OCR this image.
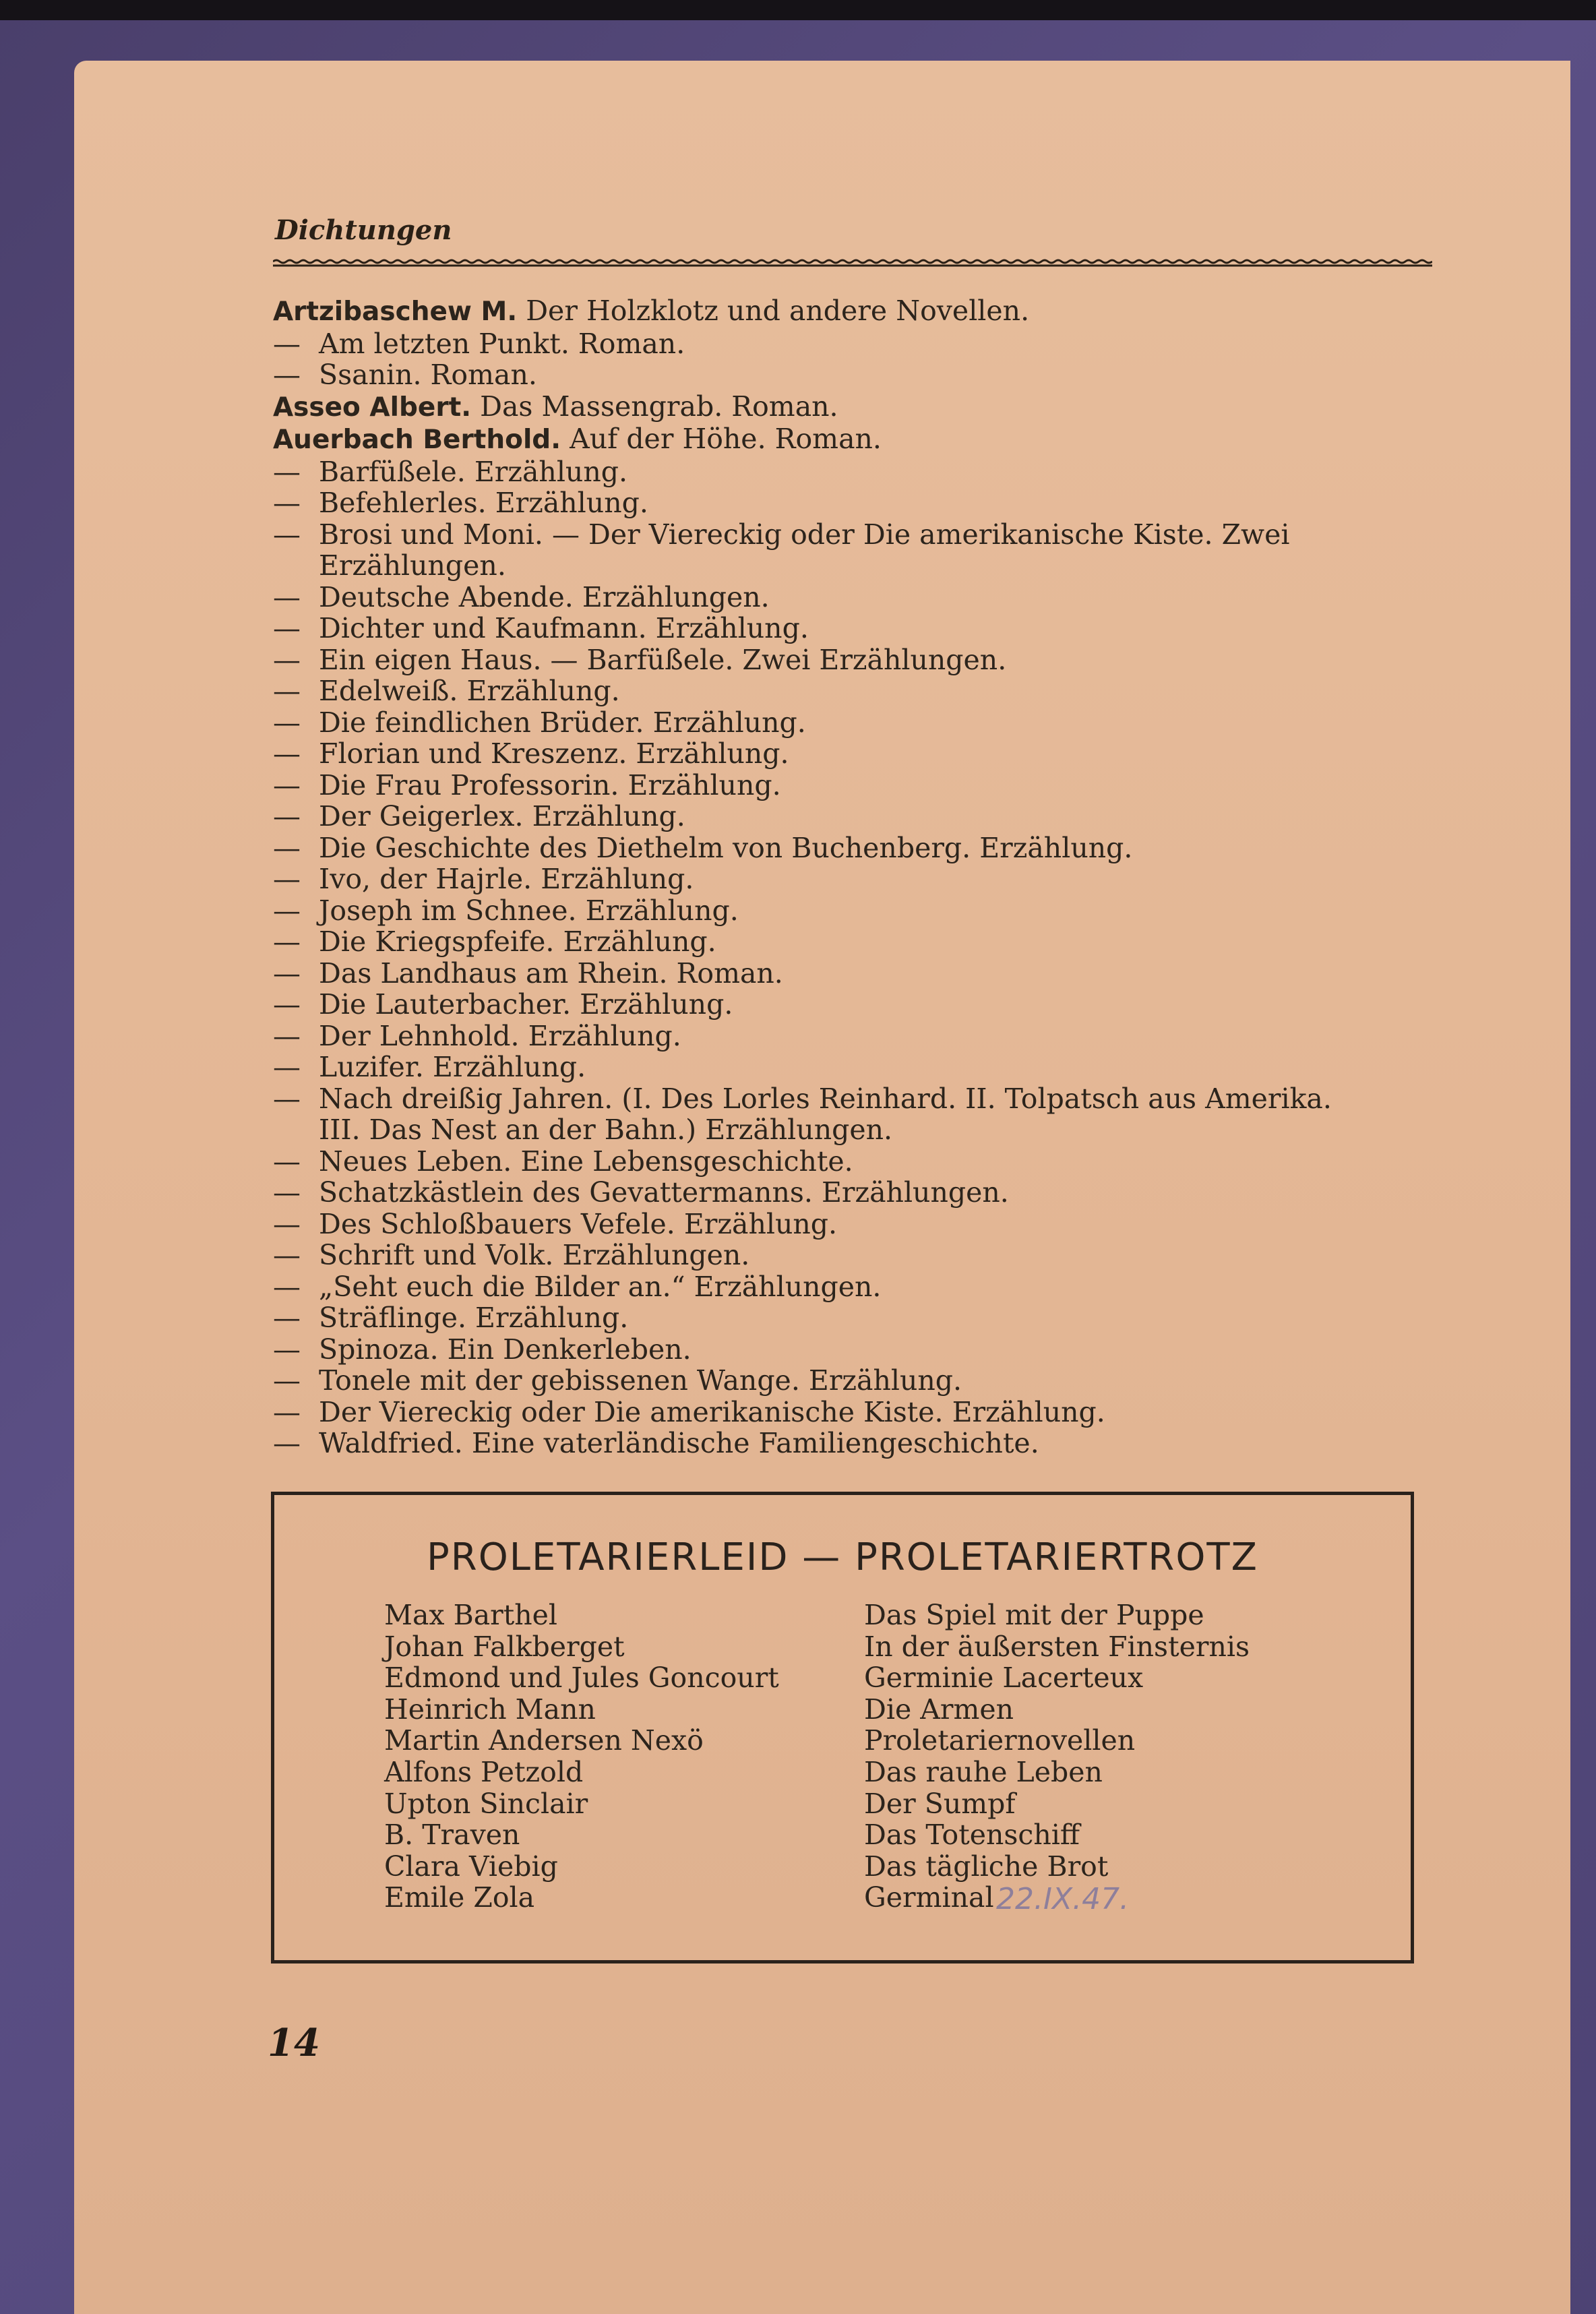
Dichtungen
Artzibaschew M. Der Holzklotz und andere Novellen.
— Am letzten Punkt. Roman.
— Ssanin. Roman.
Asseo Albert. Das Massengrab. Roman.
Auerbach Berthold. Auf der Höhe. Roman.
— Barfüßele. Erzählung.
— Befehlerles. Erzählung.
— Brosi und Moni. — Der Viereckig oder Die amerikanische Kiste. Zwei
Erzählungen.
— Deutsche Abende. Erzählungen.
— Dichter und Kaufmann. Erzählung.
— Ein eigen Haus. — Barfüßele. Zwei Erzählungen.
— Edelweiß. Erzählung.
— Die feindlichen Brüder. Erzählung.
— Florian und Kreszenz. Erzählung.
— Die Frau Professorin. Erzählung.
— Der Geigerlex. Erzählung.
— Die Geschichte des Diethelm von Buchenberg. Erzählung.
— Ivo, der Hajrle. Erzählung.
— Joseph im Schnee. Erzählung.
— Die Kriegspfeife. Erzählung.
— Das Landhaus am Rhein. Roman.
— Die Lauterbacher. Erzählung.
— Der Lehnhold. Erzählung.
— Luzifer. Erzählung.
— Nach dreißig Jahren. (I. Des Lorles Reinhard. II. Tolpatsch aus Amerika.
III. Das Nest an der Bahn.) Erzählungen.
— Neues Leben. Eine Lebensgeschichte.
— Schatzkästlein des Gevattermanns. Erzählungen.
— Des Schloßbauers Vefele. Erzählung.
— Schrift und Volk. Erzählungen.
— „Seht euch die Bilder an.“ Erzählungen.
— Sträflinge. Erzählung.
— Spinoza. Ein Denkerleben.
— Tonele mit der gebissenen Wange. Erzählung.
— Der Viereckig oder Die amerikanische Kiste. Erzählung.
— Waldfried. Eine vaterländische Familiengeschichte.
PROLETARIERLEID — PROLETARIERTROTZ
Max Barthel
Johan Falkberget
Edmond und Jules Goncourt
Heinrich Mann
Martin Andersen Nexö
Alfons Petzold
Upton Sinclair
B. Traven
Clara Viebig
Emile Zola
Das Spiel mit der Puppe
In der äußersten Finsternis
Germinie Lacerteux
Die Armen
Proletariernovellen
Das rauhe Leben
Der Sumpf
Das Totenschiff
Das tägliche Brot
Germinal 22.IX.47.
14
